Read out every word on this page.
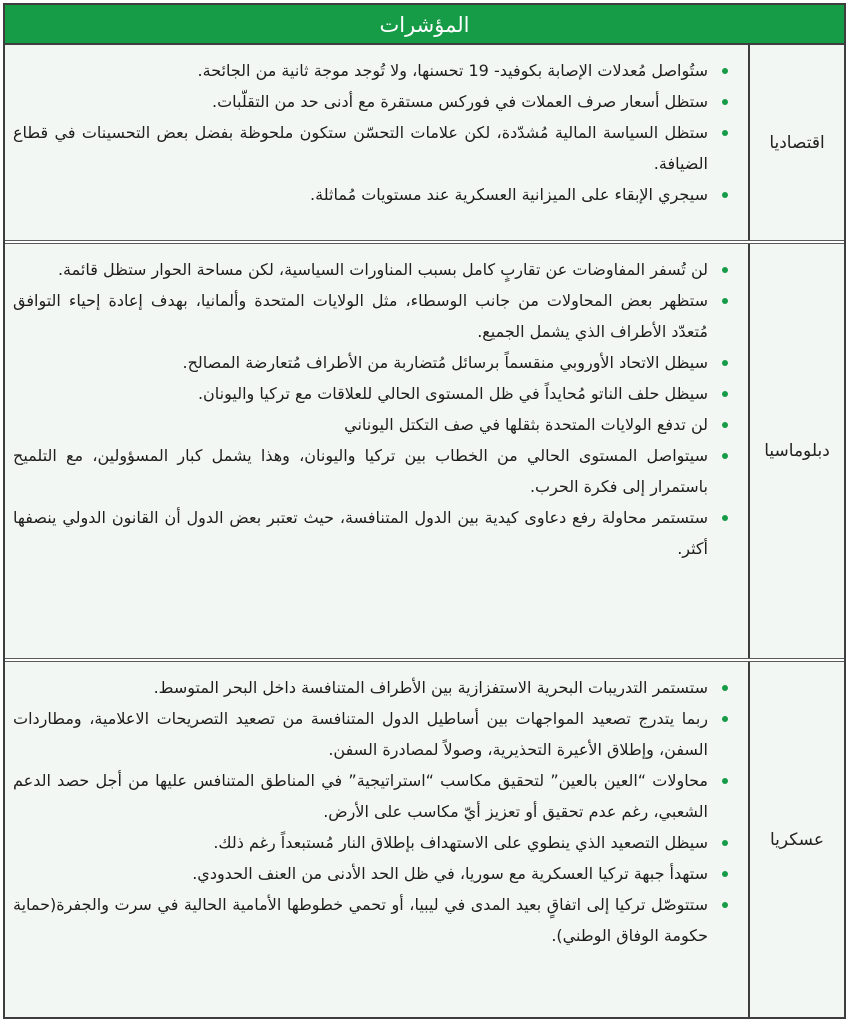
المؤشرات
اقتصاديا
ستُواصل مُعدلات الإصابة بكوفيد- 19 تحسنها، ولا تُوجد موجة ثانية من الجائحة.
ستظل أسعار صرف العملات في فوركس مستقرة مع أدنى حد من التقلّبات.
ستظل السياسة المالية مُشدّدة، لكن علامات التحسّن ستكون ملحوظة بفضل بعض التحسينات في قطاع الضيافة.
سيجري الإبقاء على الميزانية العسكرية عند مستويات مُماثلة.
دبلوماسيا
لن تُسفر المفاوضات عن تقاربٍ كامل بسبب المناورات السياسية، لكن مساحة الحوار ستظل قائمة.
ستظهر بعض المحاولات من جانب الوسطاء، مثل الولايات المتحدة وألمانيا، بهدف إعادة إحياء التوافق مُتعدّد الأطراف الذي يشمل الجميع.
سيظل الاتحاد الأوروبي منقسماً برسائل مُتضاربة من الأطراف مُتعارضة المصالح.
سيظل حلف الناتو مُحايداً في ظل المستوى الحالي للعلاقات مع تركيا واليونان.
لن تدفع الولايات المتحدة بثقلها في صف التكتل اليوناني
سيتواصل المستوى الحالي من الخطاب بين تركيا واليونان، وهذا يشمل كبار المسؤولين، مع التلميح باستمرار إلى فكرة الحرب.
ستستمر محاولة رفع دعاوى كيدية بين الدول المتنافسة، حيث تعتبر بعض الدول أن القانون الدولي ينصفها أكثر.
عسكريا
ستستمر التدريبات البحرية الاستفزازية بين الأطراف المتنافسة داخل البحر المتوسط.
ربما يتدرج تصعيد المواجهات بين أساطيل الدول المتنافسة من تصعيد التصريحات الاعلامية، ومطاردات السفن، وإطلاق الأعيرة التحذيرية، وصولاً لمصادرة السفن.
محاولات “العين بالعين” لتحقيق مكاسب “استراتيجية” في المناطق المتنافس عليها من أجل حصد الدعم الشعبي، رغم عدم تحقيق أو تعزيز أيّ مكاسب على الأرض.
سيظل التصعيد الذي ينطوي على الاستهداف بإطلاق النار مُستبعداً رغم ذلك.
ستهدأ جبهة تركيا العسكرية مع سوريا، في ظل الحد الأدنى من العنف الحدودي.
ستتوصّل تركيا إلى اتفاقٍ بعيد المدى في ليبيا، أو تحمي خطوطها الأمامية الحالية في سرت والجفرة(حماية حكومة الوفاق الوطني).
